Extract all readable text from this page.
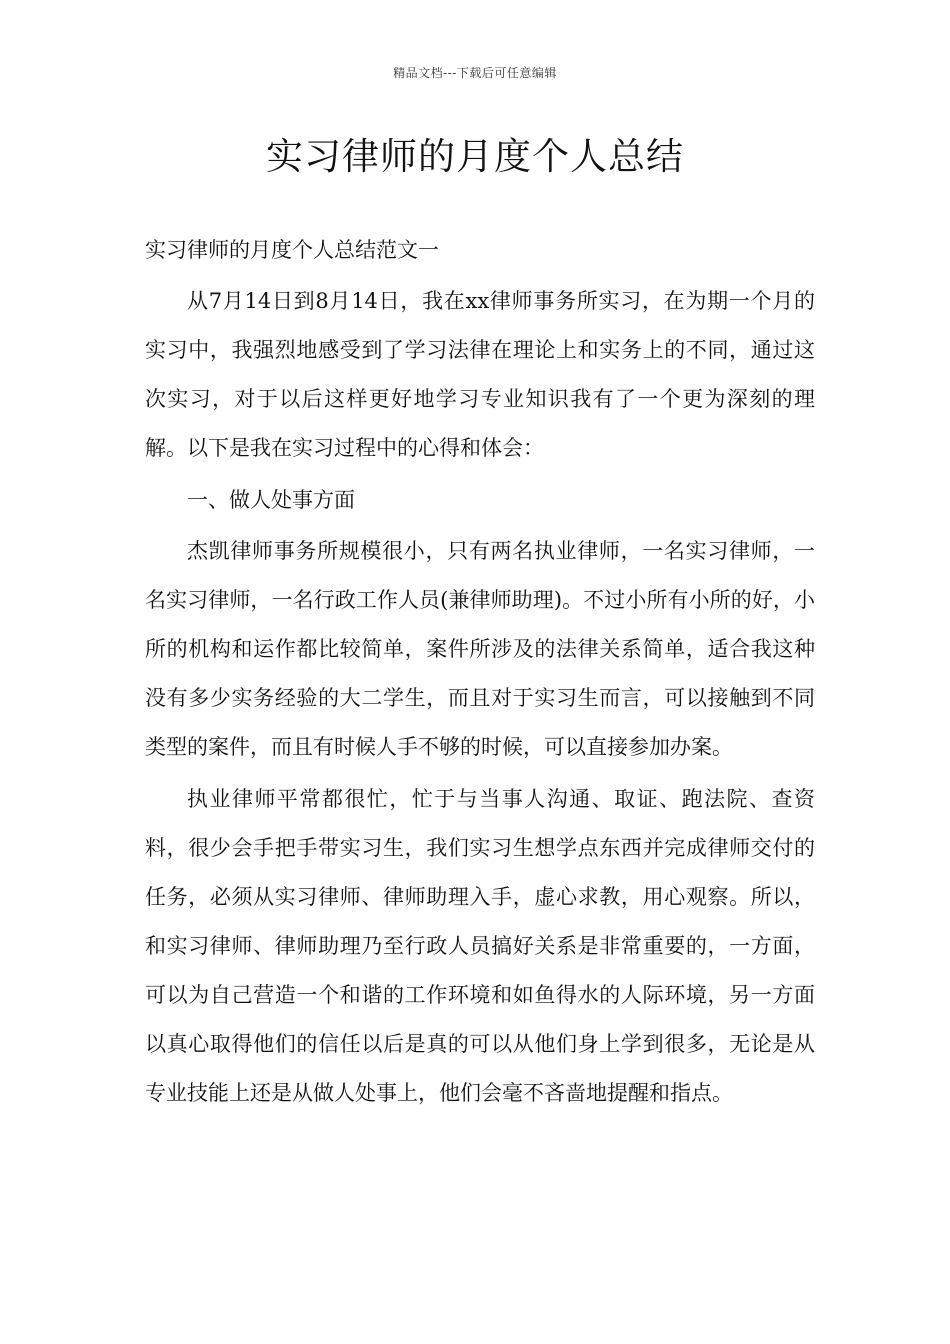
精品文档---下载后可任意编辑
实习律师的月度个人总结

实习律师的月度个人总结范文一

从7月14日到8月14日，我在xx律师事务所实习，在为期一个月的实习中，我强烈地感受到了学习法律在理论上和实务上的不同，通过这次实习，对于以后这样更好地学习专业知识我有了一个更为深刻的理解。以下是我在实习过程中的心得和体会：

一、做人处事方面

杰凯律师事务所规模很小，只有两名执业律师，一名实习律师，一名实习律师，一名行政工作人员(兼律师助理)。不过小所有小所的好，小所的机构和运作都比较简单，案件所涉及的法律关系简单，适合我这种没有多少实务经验的大二学生，而且对于实习生而言，可以接触到不同类型的案件，而且有时候人手不够的时候，可以直接参加办案。

执业律师平常都很忙，忙于与当事人沟通、取证、跑法院、查资料，很少会手把手带实习生，我们实习生想学点东西并完成律师交付的任务，必须从实习律师、律师助理入手，虚心求教，用心观察。所以，和实习律师、律师助理乃至行政人员搞好关系是非常重要的，一方面，可以为自己营造一个和谐的工作环境和如鱼得水的人际环境，另一方面以真心取得他们的信任以后是真的可以从他们身上学到很多，无论是从专业技能上还是从做人处事上，他们会毫不吝啬地提醒和指点。
